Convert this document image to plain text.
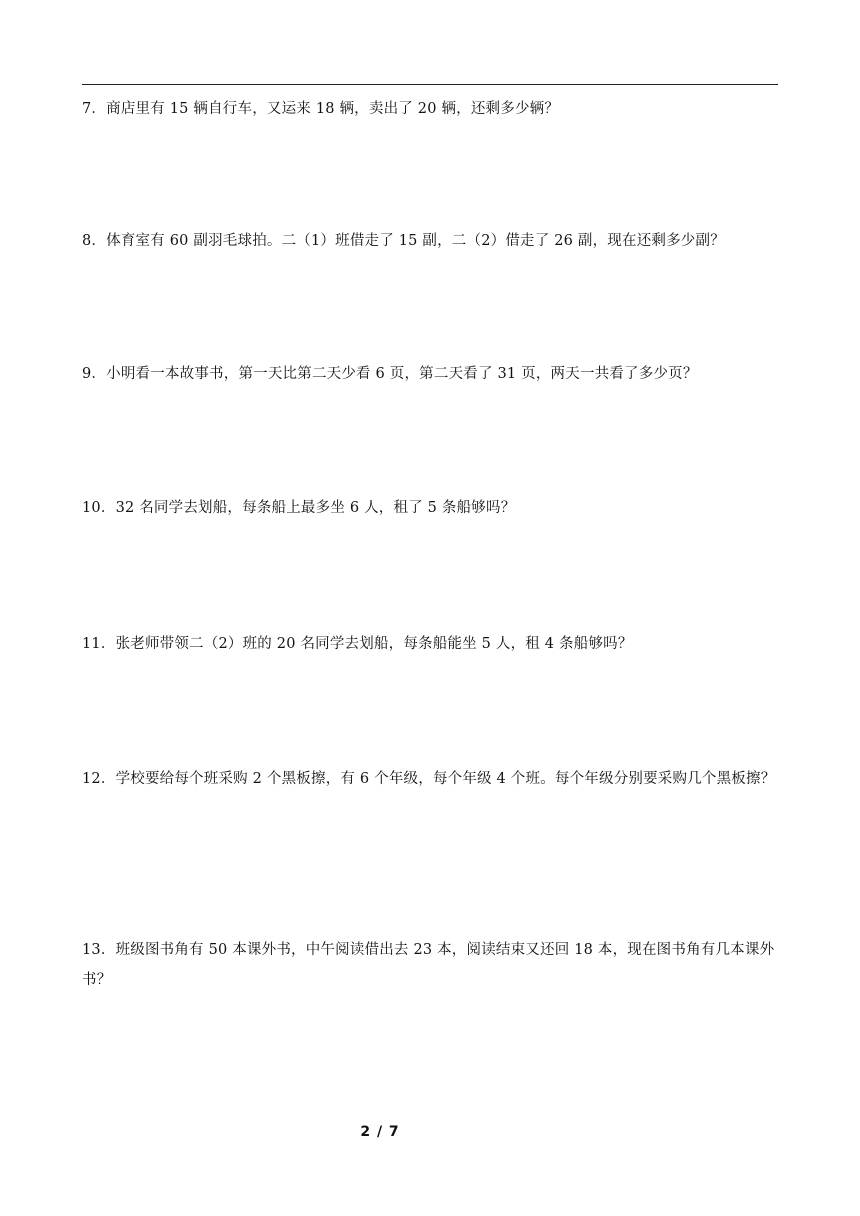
7．商店里有 15 辆自行车，又运来 18 辆，卖出了 20 辆，还剩多少辆？
8．体育室有 60 副羽毛球拍。二（1）班借走了 15 副，二（2）借走了 26 副，现在还剩多少副？
9．小明看一本故事书，第一天比第二天少看 6 页，第二天看了 31 页，两天一共看了多少页？
10．32 名同学去划船，每条船上最多坐 6 人，租了 5 条船够吗？
11．张老师带领二（2）班的 20 名同学去划船，每条船能坐 5 人，租 4 条船够吗？
12．学校要给每个班采购 2 个黑板擦，有 6 个年级，每个年级 4 个班。每个年级分别要采购几个黑板擦？
13．班级图书角有 50 本课外书，中午阅读借出去 23 本，阅读结束又还回 18 本，现在图书角有几本课外书？
2 / 7
